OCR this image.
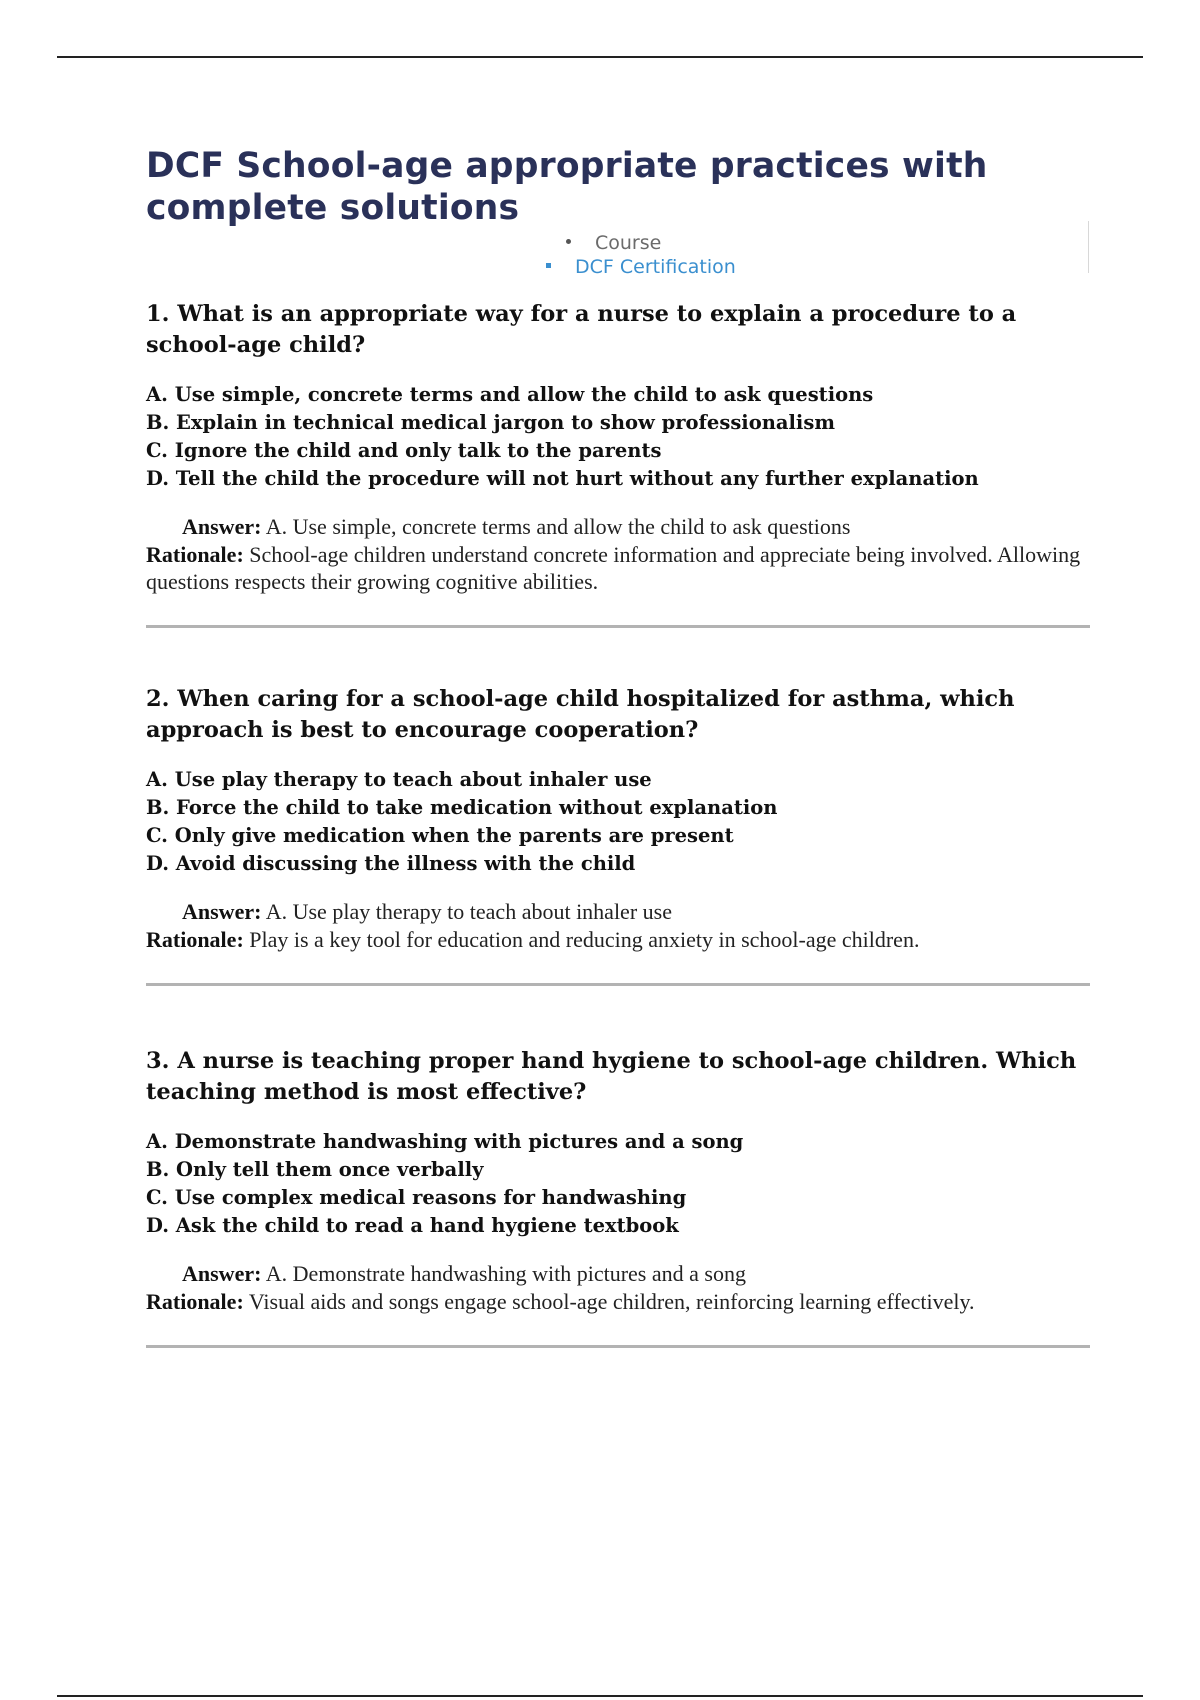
DCF School-age appropriate practices with complete solutions
Course
DCF Certification

1. What is an appropriate way for a nurse to explain a procedure to a school-age child?

A. Use simple, concrete terms and allow the child to ask questions
B. Explain in technical medical jargon to show professionalism
C. Ignore the child and only talk to the parents
D. Tell the child the procedure will not hurt without any further explanation

Answer: A. Use simple, concrete terms and allow the child to ask questions

Rationale: School-age children understand concrete information and appreciate being involved. Allowing questions respects their growing cognitive abilities.

2. When caring for a school-age child hospitalized for asthma, which approach is best to encourage cooperation?

A. Use play therapy to teach about inhaler use
B. Force the child to take medication without explanation
C. Only give medication when the parents are present
D. Avoid discussing the illness with the child

Answer: A. Use play therapy to teach about inhaler use

Rationale: Play is a key tool for education and reducing anxiety in school-age children.

3. A nurse is teaching proper hand hygiene to school-age children. Which teaching method is most effective?

A. Demonstrate handwashing with pictures and a song
B. Only tell them once verbally
C. Use complex medical reasons for handwashing
D. Ask the child to read a hand hygiene textbook

Answer: A. Demonstrate handwashing with pictures and a song

Rationale: Visual aids and songs engage school-age children, reinforcing learning effectively.
